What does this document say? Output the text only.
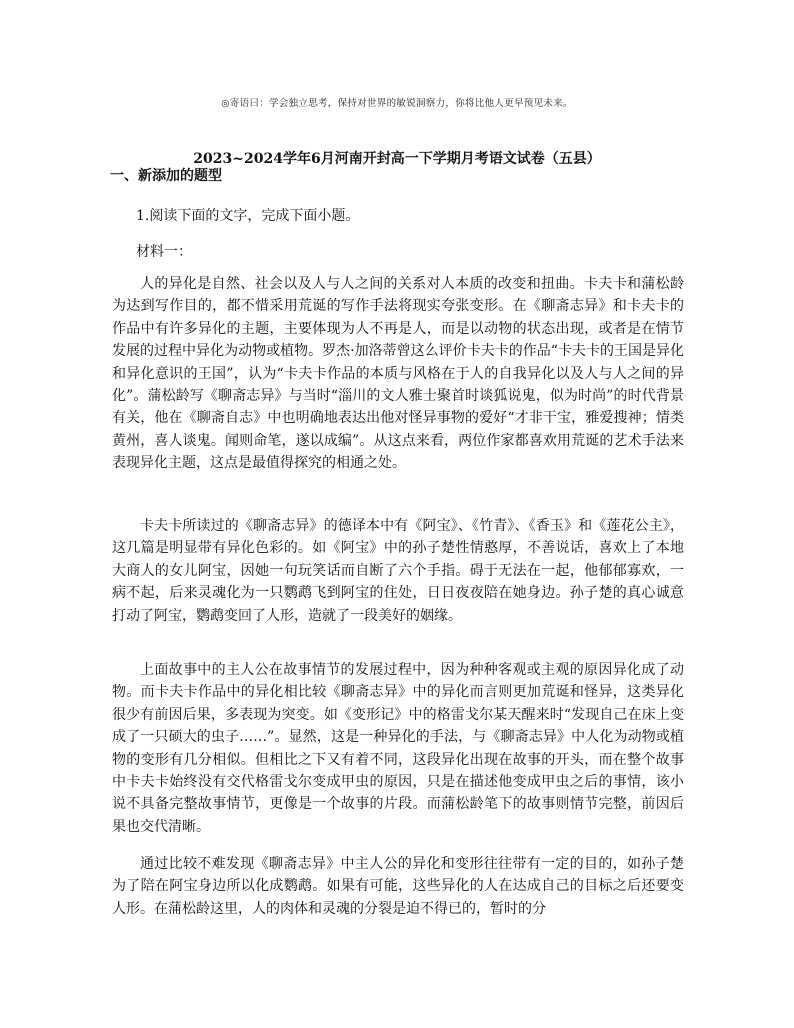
◎寄语曰：学会独立思考，保持对世界的敏锐洞察力，你将比他人更早预见未来。
2023~2024学年6月河南开封高一下学期月考语文试卷（五县）
一、新添加的题型
1.阅读下面的文字，完成下面小题。
材料一：

人的异化是自然、社会以及人与人之间的关系对人本质的改变和扭曲。卡夫卡和蒲松龄为达到写作目的，都不惜采用荒诞的写作手法将现实夸张变形。在《聊斋志异》和卡夫卡的作品中有许多异化的主题，主要体现为人不再是人，而是以动物的状态出现，或者是在情节发展的过程中异化为动物或植物。罗杰·加洛蒂曾这么评价卡夫卡的作品“卡夫卡的王国是异化和异化意识的王国”，认为“卡夫卡作品的本质与风格在于人的自我异化以及人与人之间的异化”。蒲松龄写《聊斋志异》与当时“淄川的文人雅士聚首时谈狐说鬼，似为时尚”的时代背景有关，他在《聊斋自志》中也明确地表达出他对怪异事物的爱好“才非干宝，雅爱搜神；情类黄州，喜人谈鬼。闻则命笔，遂以成编”。从这点来看，两位作家都喜欢用荒诞的艺术手法来表现异化主题，这点是最值得探究的相通之处。

卡夫卡所读过的《聊斋志异》的德译本中有《阿宝》、《竹青》、《香玉》和《莲花公主》，这几篇是明显带有异化色彩的。如《阿宝》中的孙子楚性情憨厚，不善说话，喜欢上了本地大商人的女儿阿宝，因她一句玩笑话而自断了六个手指。碍于无法在一起，他郁郁寡欢，一病不起，后来灵魂化为一只鹦鹉飞到阿宝的住处，日日夜夜陪在她身边。孙子楚的真心诚意打动了阿宝，鹦鹉变回了人形，造就了一段美好的姻缘。

上面故事中的主人公在故事情节的发展过程中，因为种种客观或主观的原因异化成了动物。而卡夫卡作品中的异化相比较《聊斋志异》中的异化而言则更加荒诞和怪异，这类异化很少有前因后果，多表现为突变。如《变形记》中的格雷戈尔某天醒来时“发现自己在床上变成了一只硕大的虫子……”。显然，这是一种异化的手法，与《聊斋志异》中人化为动物或植物的变形有几分相似。但相比之下又有着不同，这段异化出现在故事的开头，而在整个故事中卡夫卡始终没有交代格雷戈尔变成甲虫的原因，只是在描述他变成甲虫之后的事情，该小说不具备完整故事情节，更像是一个故事的片段。而蒲松龄笔下的故事则情节完整，前因后果也交代清晰。

通过比较不难发现《聊斋志异》中主人公的异化和变形往往带有一定的目的，如孙子楚为了陪在阿宝身边所以化成鹦鹉。如果有可能，这些异化的人在达成自己的目标之后还要变人形。在蒲松龄这里，人的肉体和灵魂的分裂是迫不得已的，暂时的分
